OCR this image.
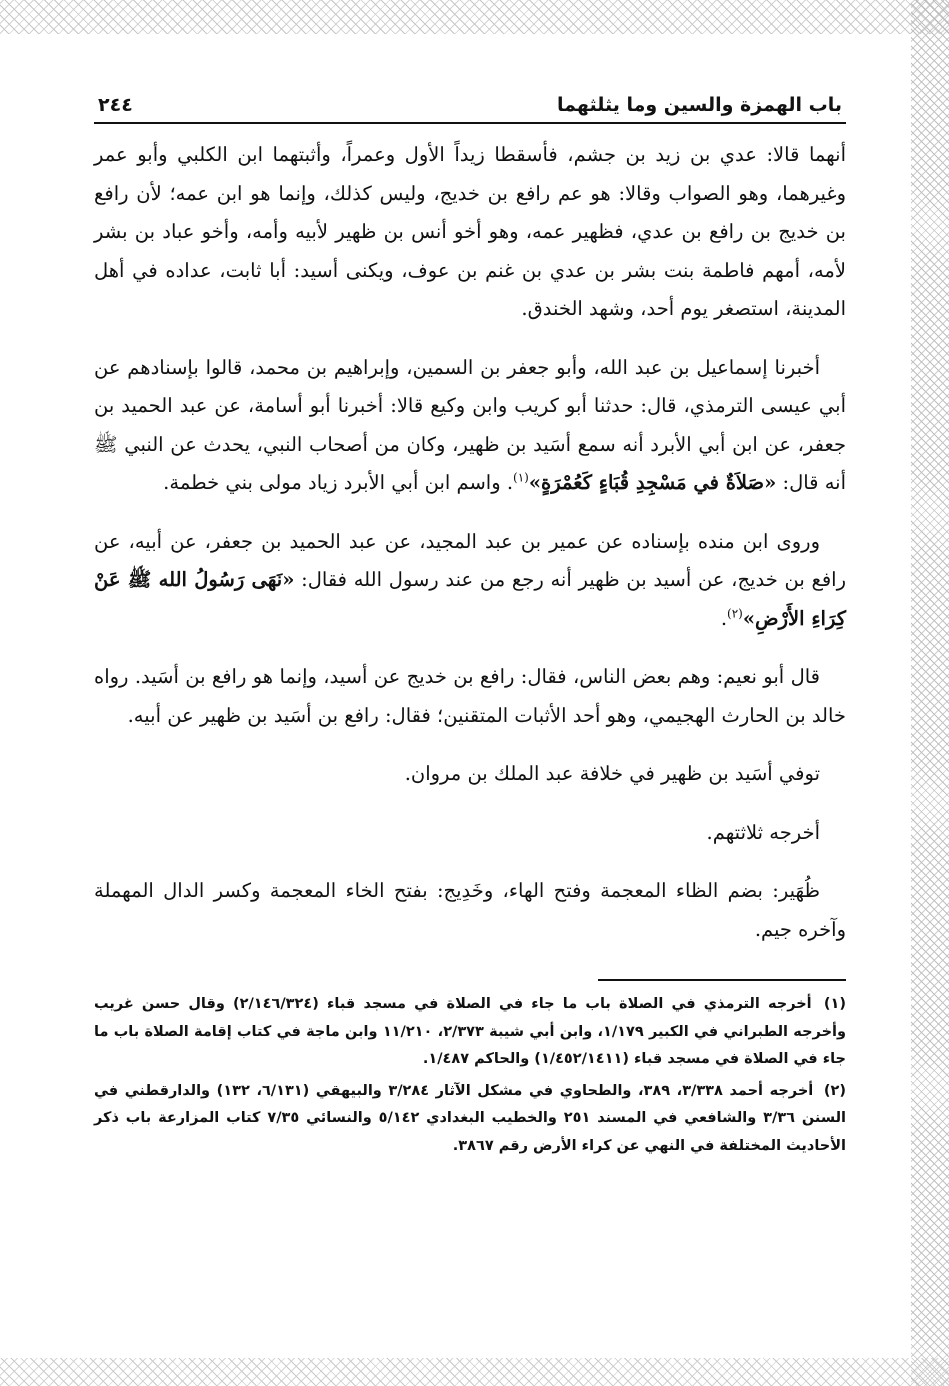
باب الهمزة والسين وما يثلثهما
٢٤٤

أنهما قالا: عدي بن زيد بن جشم، فأسقطا زيداً الأول وعمراً، وأثبتهما ابن الكلبي وأبو عمر وغيرهما، وهو الصواب وقالا: هو عم رافع بن خديج، وليس كذلك، وإنما هو ابن عمه؛ لأن رافع بن خديج بن رافع بن عدي، فظهير عمه، وهو أخو أنس بن ظهير لأبيه وأمه، وأخو عباد بن بشر لأمه، أمهم فاطمة بنت بشر بن عدي بن غنم بن عوف، ويكنى أسيد: أبا ثابت، عداده في أهل المدينة، استصغر يوم أحد، وشهد الخندق.

أخبرنا إسماعيل بن عبد الله، وأبو جعفر بن السمين، وإبراهيم بن محمد، قالوا بإسنادهم عن أبي عيسى الترمذي، قال: حدثنا أبو كريب وابن وكيع قالا: أخبرنا أبو أسامة، عن عبد الحميد بن جعفر، عن ابن أبي الأبرد أنه سمع أسَيد بن ظهير، وكان من أصحاب النبي، يحدث عن النبي ﷺ أنه قال: «صَلاَةٌ في مَسْجِدِ قُبَاءٍ كَعُمْرَةٍ»$^{(١)}$. واسم ابن أبي الأبرد زياد مولى بني خطمة.

وروى ابن منده بإسناده عن عمير بن عبد المجيد، عن عبد الحميد بن جعفر، عن أبيه، عن رافع بن خديج، عن أسيد بن ظهير أنه رجع من عند رسول الله فقال: «نَهَى رَسُولُ الله ﷺ عَنْ كِرَاءِ الأَرْضِ»$^{(٢)}$.

قال أبو نعيم: وهم بعض الناس، فقال: رافع بن خديج عن أسيد، وإنما هو رافع بن أسَيد. رواه خالد بن الحارث الهجيمي، وهو أحد الأثبات المتقنين؛ فقال: رافع بن أسَيد بن ظهير عن أبيه.

توفي أسَيد بن ظهير في خلافة عبد الملك بن مروان.

أخرجه ثلاثتهم.

ظُهَير: بضم الظاء المعجمة وفتح الهاء، وخَدِيج: بفتح الخاء المعجمة وكسر الدال المهملة وآخره جيم.

(١) أخرجه الترمذي في الصلاة باب ما جاء في الصلاة في مسجد قباء (٢/١٤٦/٣٢٤) وقال حسن غريب وأخرجه الطبراني في الكبير ١/١٧٩، وابن أبي شيبة ٢/٣٧٣، ١١/٢١٠ وابن ماجة في كتاب إقامة الصلاة باب ما جاء في الصلاة في مسجد قباء (١/٤٥٢/١٤١١) والحاكم ١/٤٨٧.

(٢) أخرجه أحمد ٣/٣٣٨، ٣٨٩، والطحاوي في مشكل الآثار ٣/٢٨٤ والبيهقي (٦/١٣١، ١٣٢) والدارقطني في السنن ٣/٣٦ والشافعي في المسند ٢٥١ والخطيب البغدادي ٥/١٤٢ والنسائي ٧/٣٥ كتاب المزارعة باب ذكر الأحاديث المختلفة في النهي عن كراء الأرض رقم ٣٨٦٧.
